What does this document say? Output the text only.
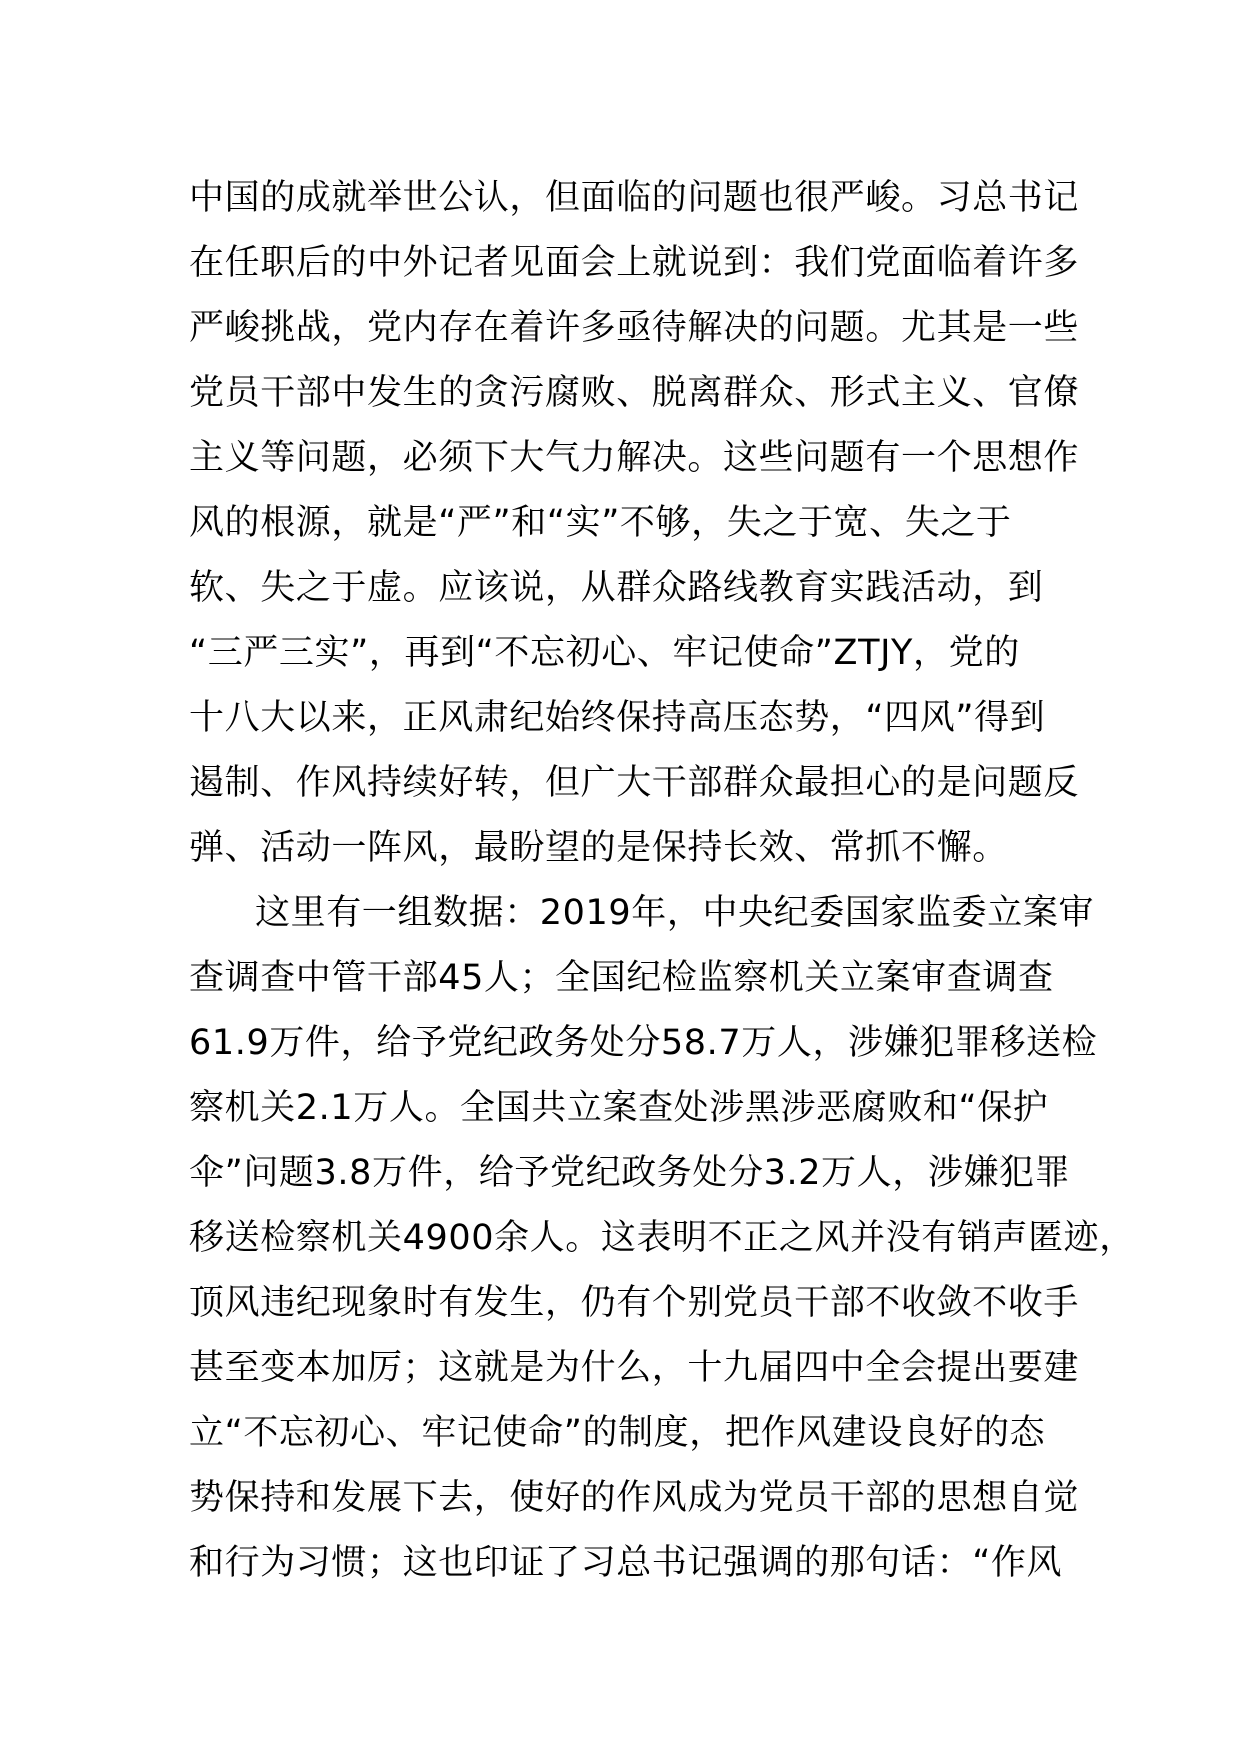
中国的成就举世公认，但面临的问题也很严峻。习总书记
在任职后的中外记者见面会上就说到：我们党面临着许多
严峻挑战，党内存在着许多亟待解决的问题。尤其是一些
党员干部中发生的贪污腐败、脱离群众、形式主义、官僚
主义等问题，必须下大气力解决。这些问题有一个思想作
风的根源，就是“严”和“实”不够，失之于宽、失之于
软、失之于虚。应该说，从群众路线教育实践活动，到
“三严三实”，再到“不忘初心、牢记使命”ZTJY，党的
十八大以来，正风肃纪始终保持高压态势，“四风”得到
遏制、作风持续好转，但广大干部群众最担心的是问题反
弹、活动一阵风，最盼望的是保持长效、常抓不懈。
这里有一组数据：2019年，中央纪委国家监委立案审
查调查中管干部45人；全国纪检监察机关立案审查调查
61.9万件，给予党纪政务处分58.7万人，涉嫌犯罪移送检
察机关2.1万人。全国共立案查处涉黑涉恶腐败和“保护
伞”问题3.8万件，给予党纪政务处分3.2万人，涉嫌犯罪
移送检察机关4900余人。这表明不正之风并没有销声匿迹，
顶风违纪现象时有发生，仍有个别党员干部不收敛不收手
甚至变本加厉；这就是为什么，十九届四中全会提出要建
立“不忘初心、牢记使命”的制度，把作风建设良好的态
势保持和发展下去，使好的作风成为党员干部的思想自觉
和行为习惯；这也印证了习总书记强调的那句话：“作风
